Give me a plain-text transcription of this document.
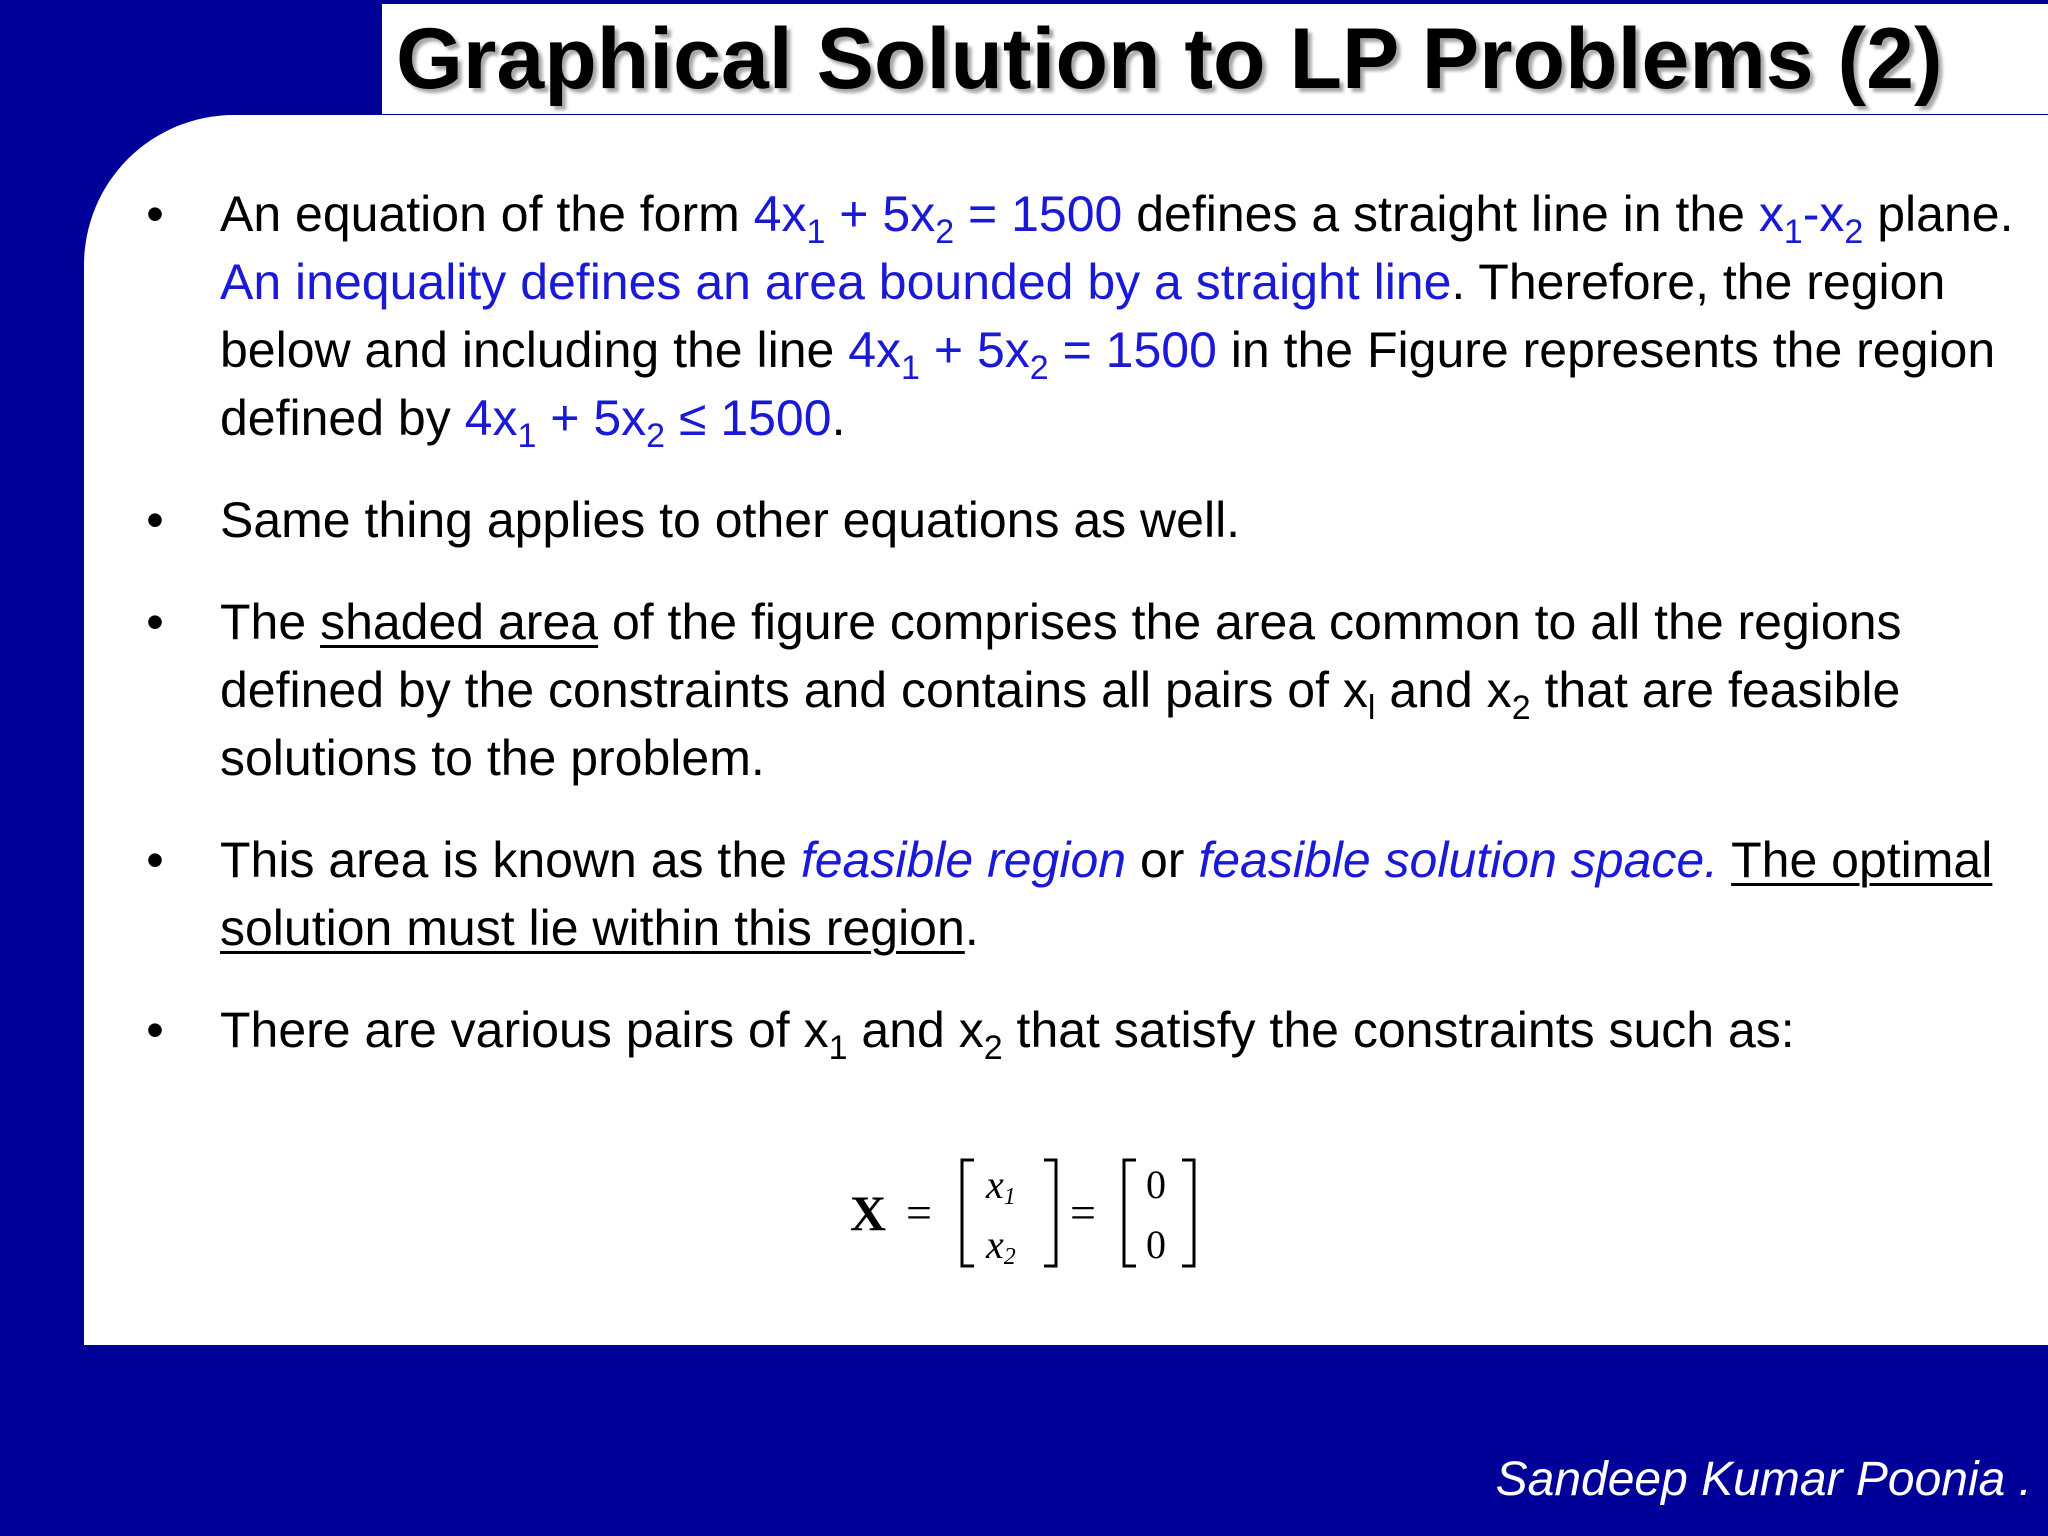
Graphical Solution to LP Problems (2)
• An equation of the form $4x_1 + 5x_2 = 1500$ defines a straight line in the $x_1-x_2$ plane. An inequality defines an area bounded by a straight line. Therefore, the region below and including the line $4x_1 + 5x_2 = 1500$ in the Figure represents the region defined by $4x_1 + 5x_2 \le 1500$.
• Same thing applies to other equations as well.
• The shaded area of the figure comprises the area common to all the regions defined by the constraints and contains all pairs of $x_l$ and $x_2$ that are feasible solutions to the problem.
• This area is known as the feasible region or feasible solution space. The optimal solution must lie within this region.
• There are various pairs of $x_1$ and $x_2$ that satisfy the constraints such as:
X =
x1
x2
=
0
0
Sandeep Kumar Poonia .
